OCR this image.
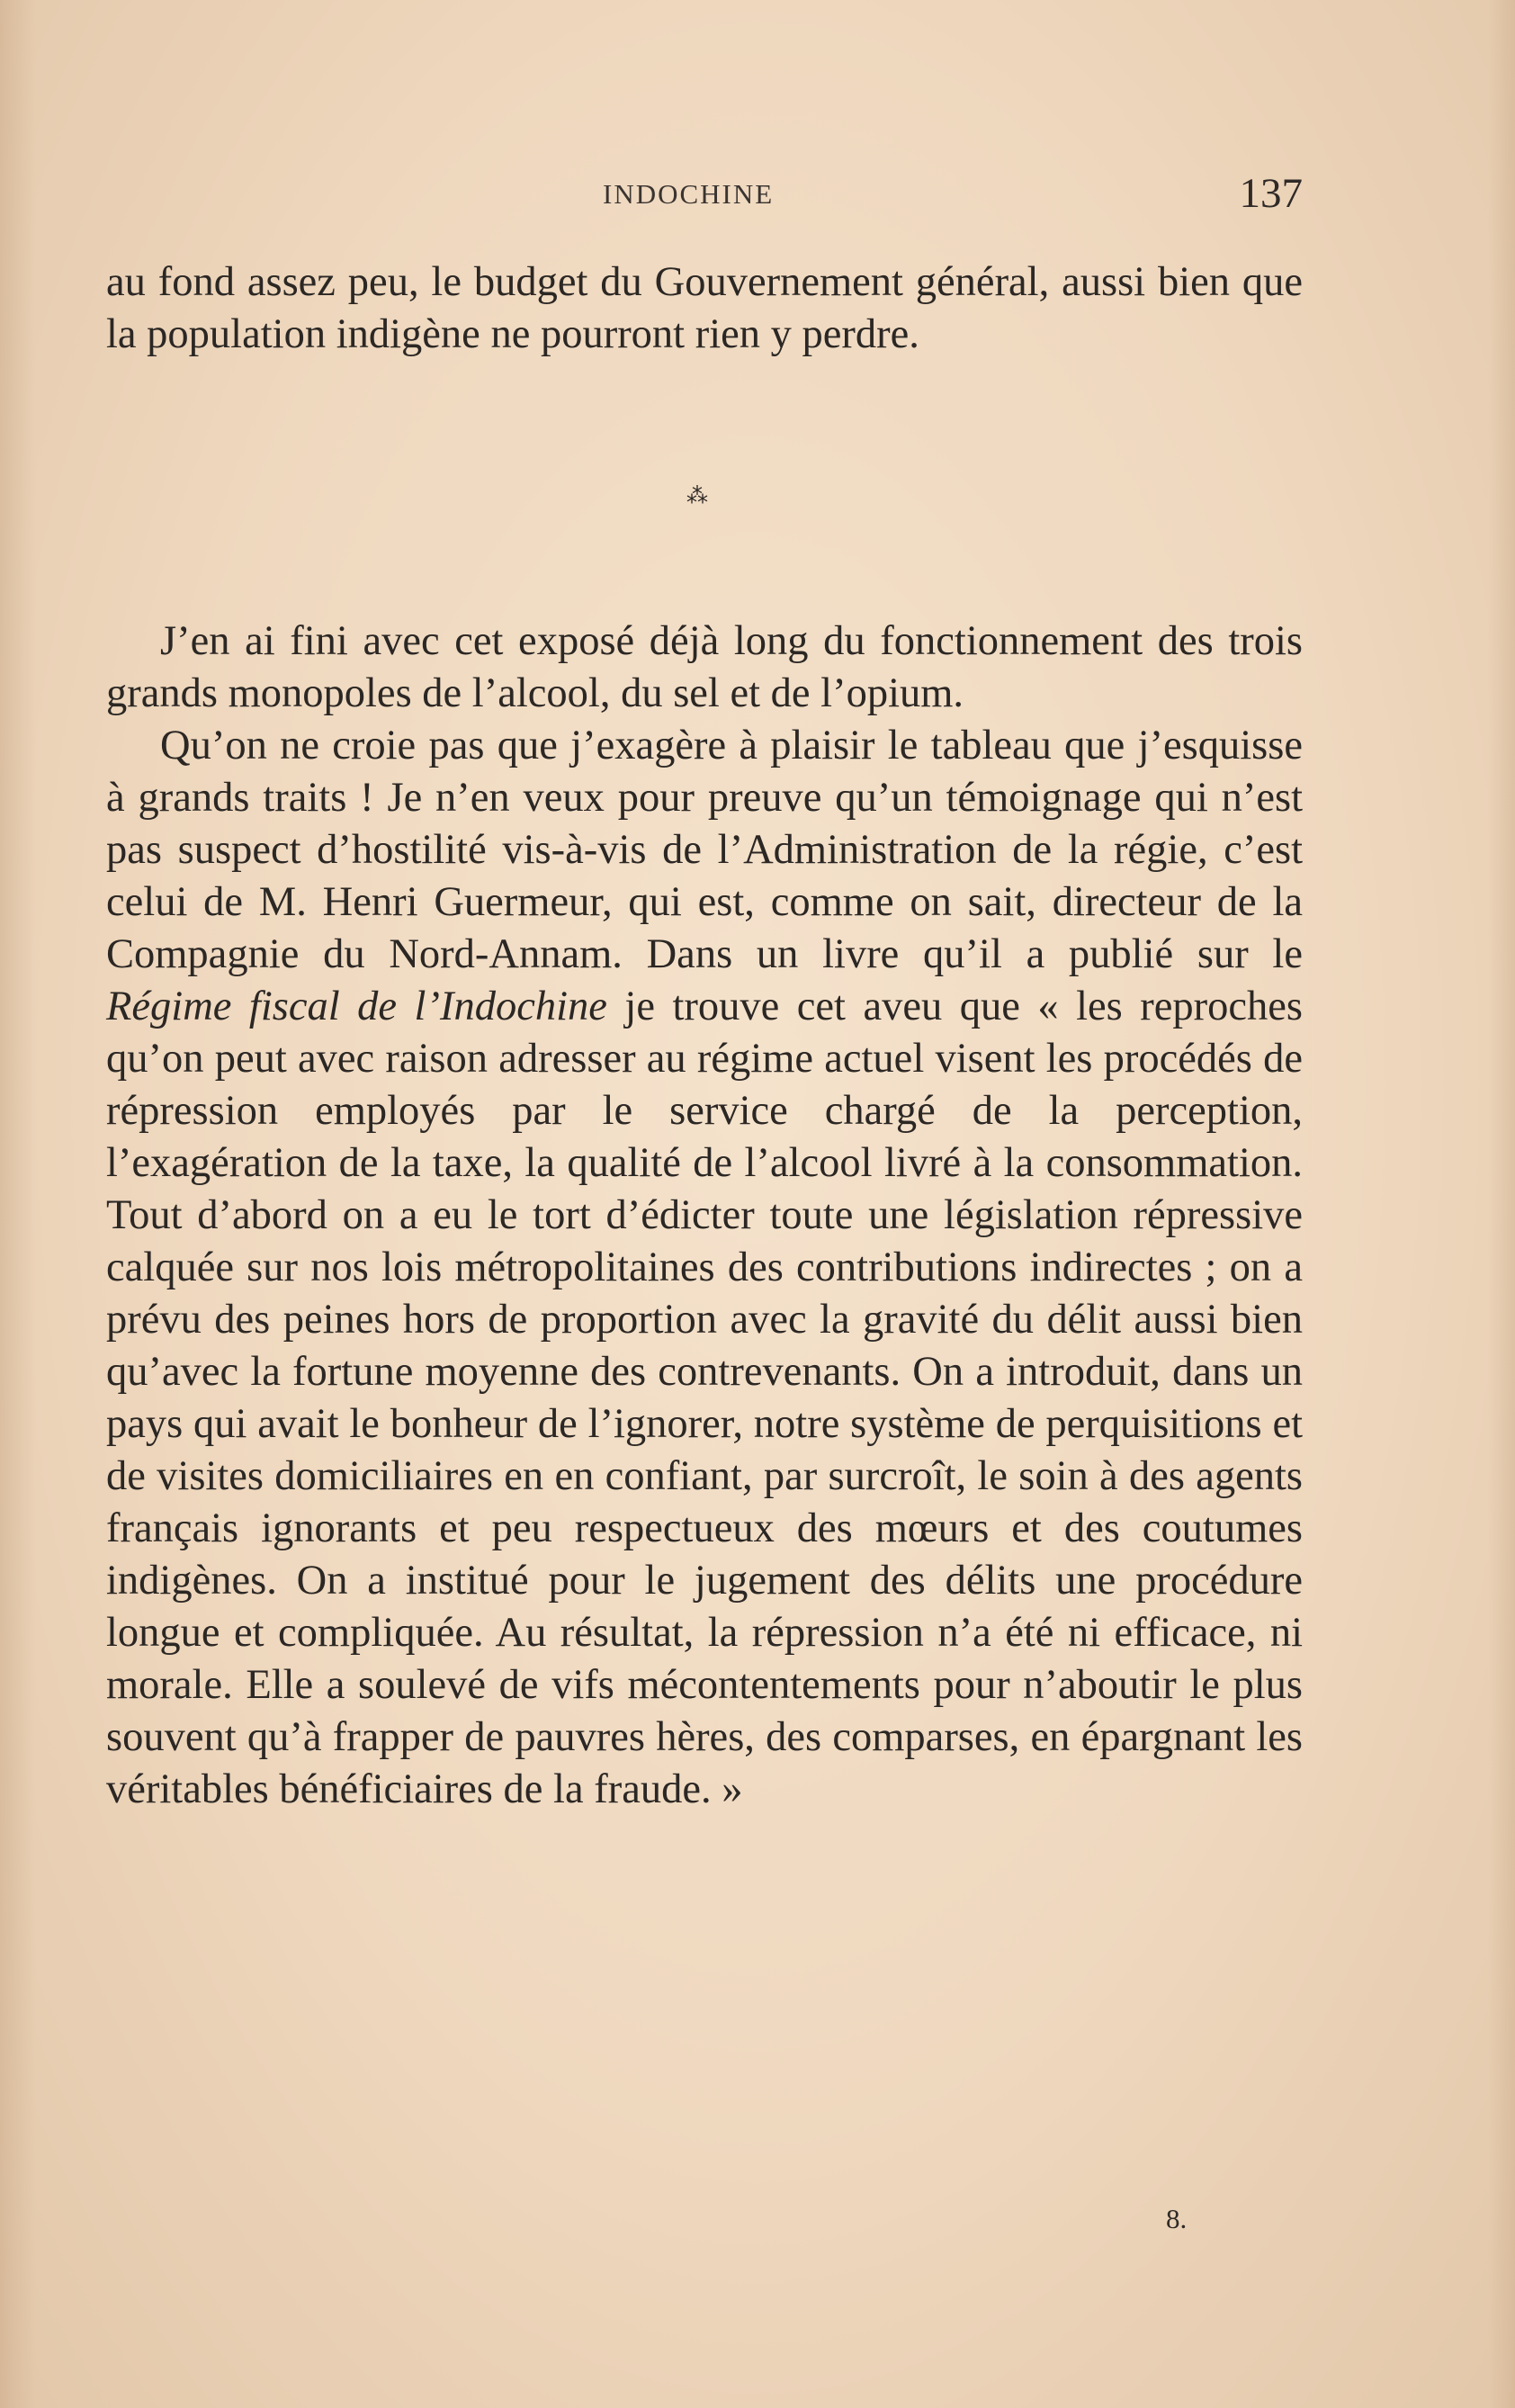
INDOCHINE	137

au fond assez peu, le budget du Gouvernement général, aussi bien que la population indigène ne pourront rien y perdre.

⁂

J’en ai fini avec cet exposé déjà long du fonctionnement des trois grands monopoles de l’alcool, du sel et de l’opium.

Qu’on ne croie pas que j’exagère à plaisir le tableau que j’esquisse à grands traits ! Je n’en veux pour preuve qu’un témoignage qui n’est pas suspect d’hostilité vis-à-vis de l’Administration de la régie, c’est celui de M. Henri Guermeur, qui est, comme on sait, directeur de la Compagnie du Nord-Annam. Dans un livre qu’il a publié sur le Régime fiscal de l’Indochine je trouve cet aveu que « les reproches qu’on peut avec raison adresser au régime actuel visent les procédés de répression employés par le service chargé de la perception, l’exagération de la taxe, la qualité de l’alcool livré à la consommation. Tout d’abord on a eu le tort d’édicter toute une législation répressive calquée sur nos lois métropolitaines des contributions indirectes ; on a prévu des peines hors de proportion avec la gravité du délit aussi bien qu’avec la fortune moyenne des contrevenants. On a introduit, dans un pays qui avait le bonheur de l’ignorer, notre système de perquisitions et de visites domiciliaires en en confiant, par surcroît, le soin à des agents français ignorants et peu respectueux des mœurs et des coutumes indigènes. On a institué pour le jugement des délits une procédure longue et compliquée. Au résultat, la répression n’a été ni efficace, ni morale. Elle a soulevé de vifs mécontentements pour n’aboutir le plus souvent qu’à frapper de pauvres hères, des comparses, en épargnant les véritables bénéficiaires de la fraude. »

8.
